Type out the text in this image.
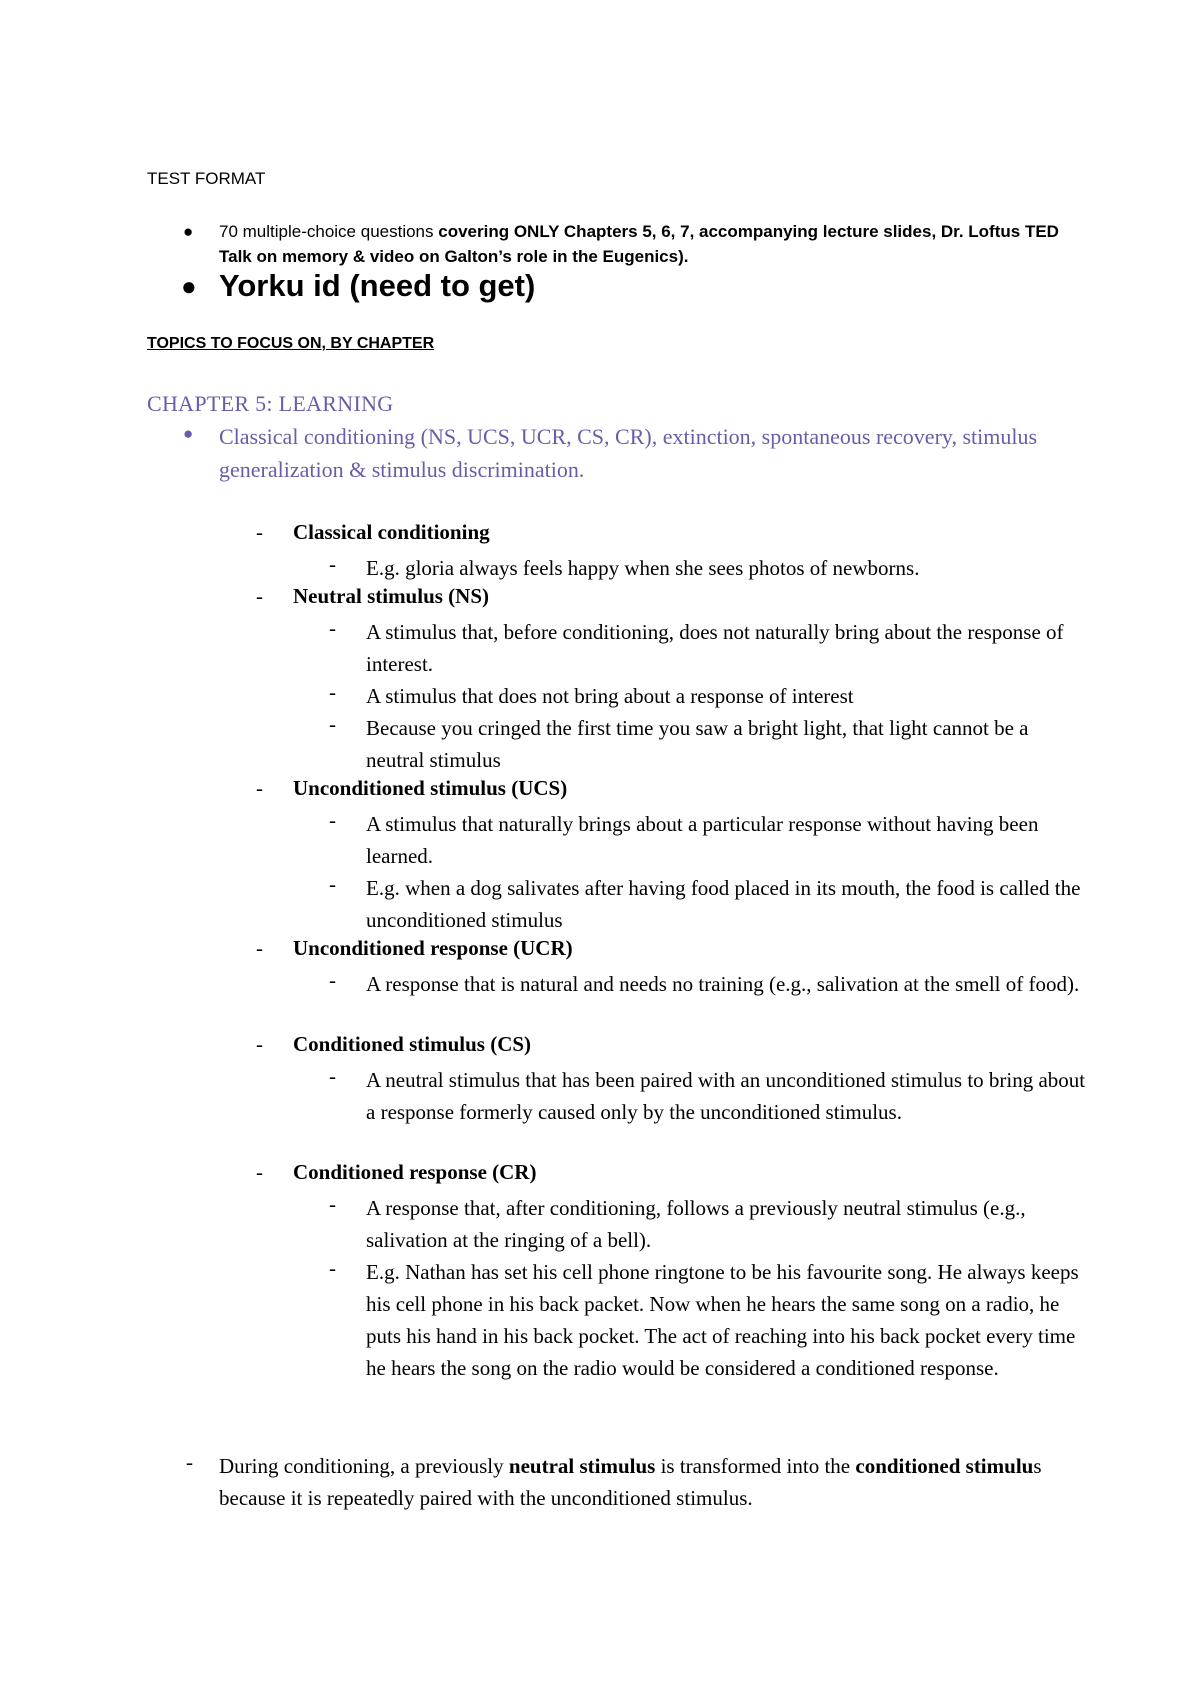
TEST FORMAT
● 70 multiple-choice questions covering ONLY Chapters 5, 6, 7, accompanying lecture slides, Dr. Loftus TED Talk on memory & video on Galton’s role in the Eugenics).
● Yorku id (need to get)
TOPICS TO FOCUS ON, BY CHAPTER
CHAPTER 5: LEARNING
● Classical conditioning (NS, UCS, UCR, CS, CR), extinction, spontaneous recovery, stimulus generalization & stimulus discrimination.
- Classical conditioning
- E.g. gloria always feels happy when she sees photos of newborns.
- Neutral stimulus (NS)
- A stimulus that, before conditioning, does not naturally bring about the response of interest.
- A stimulus that does not bring about a response of interest
- Because you cringed the first time you saw a bright light, that light cannot be a neutral stimulus
- Unconditioned stimulus (UCS)
- A stimulus that naturally brings about a particular response without having been learned.
- E.g. when a dog salivates after having food placed in its mouth, the food is called the unconditioned stimulus
- Unconditioned response (UCR)
- A response that is natural and needs no training (e.g., salivation at the smell of food).
- Conditioned stimulus (CS)
- A neutral stimulus that has been paired with an unconditioned stimulus to bring about a response formerly caused only by the unconditioned stimulus.
- Conditioned response (CR)
- A response that, after conditioning, follows a previously neutral stimulus (e.g., salivation at the ringing of a bell).
- E.g. Nathan has set his cell phone ringtone to be his favourite song. He always keeps his cell phone in his back packet. Now when he hears the same song on a radio, he puts his hand in his back pocket. The act of reaching into his back pocket every time he hears the song on the radio would be considered a conditioned response.
- During conditioning, a previously neutral stimulus is transformed into the conditioned stimulus because it is repeatedly paired with the unconditioned stimulus.
